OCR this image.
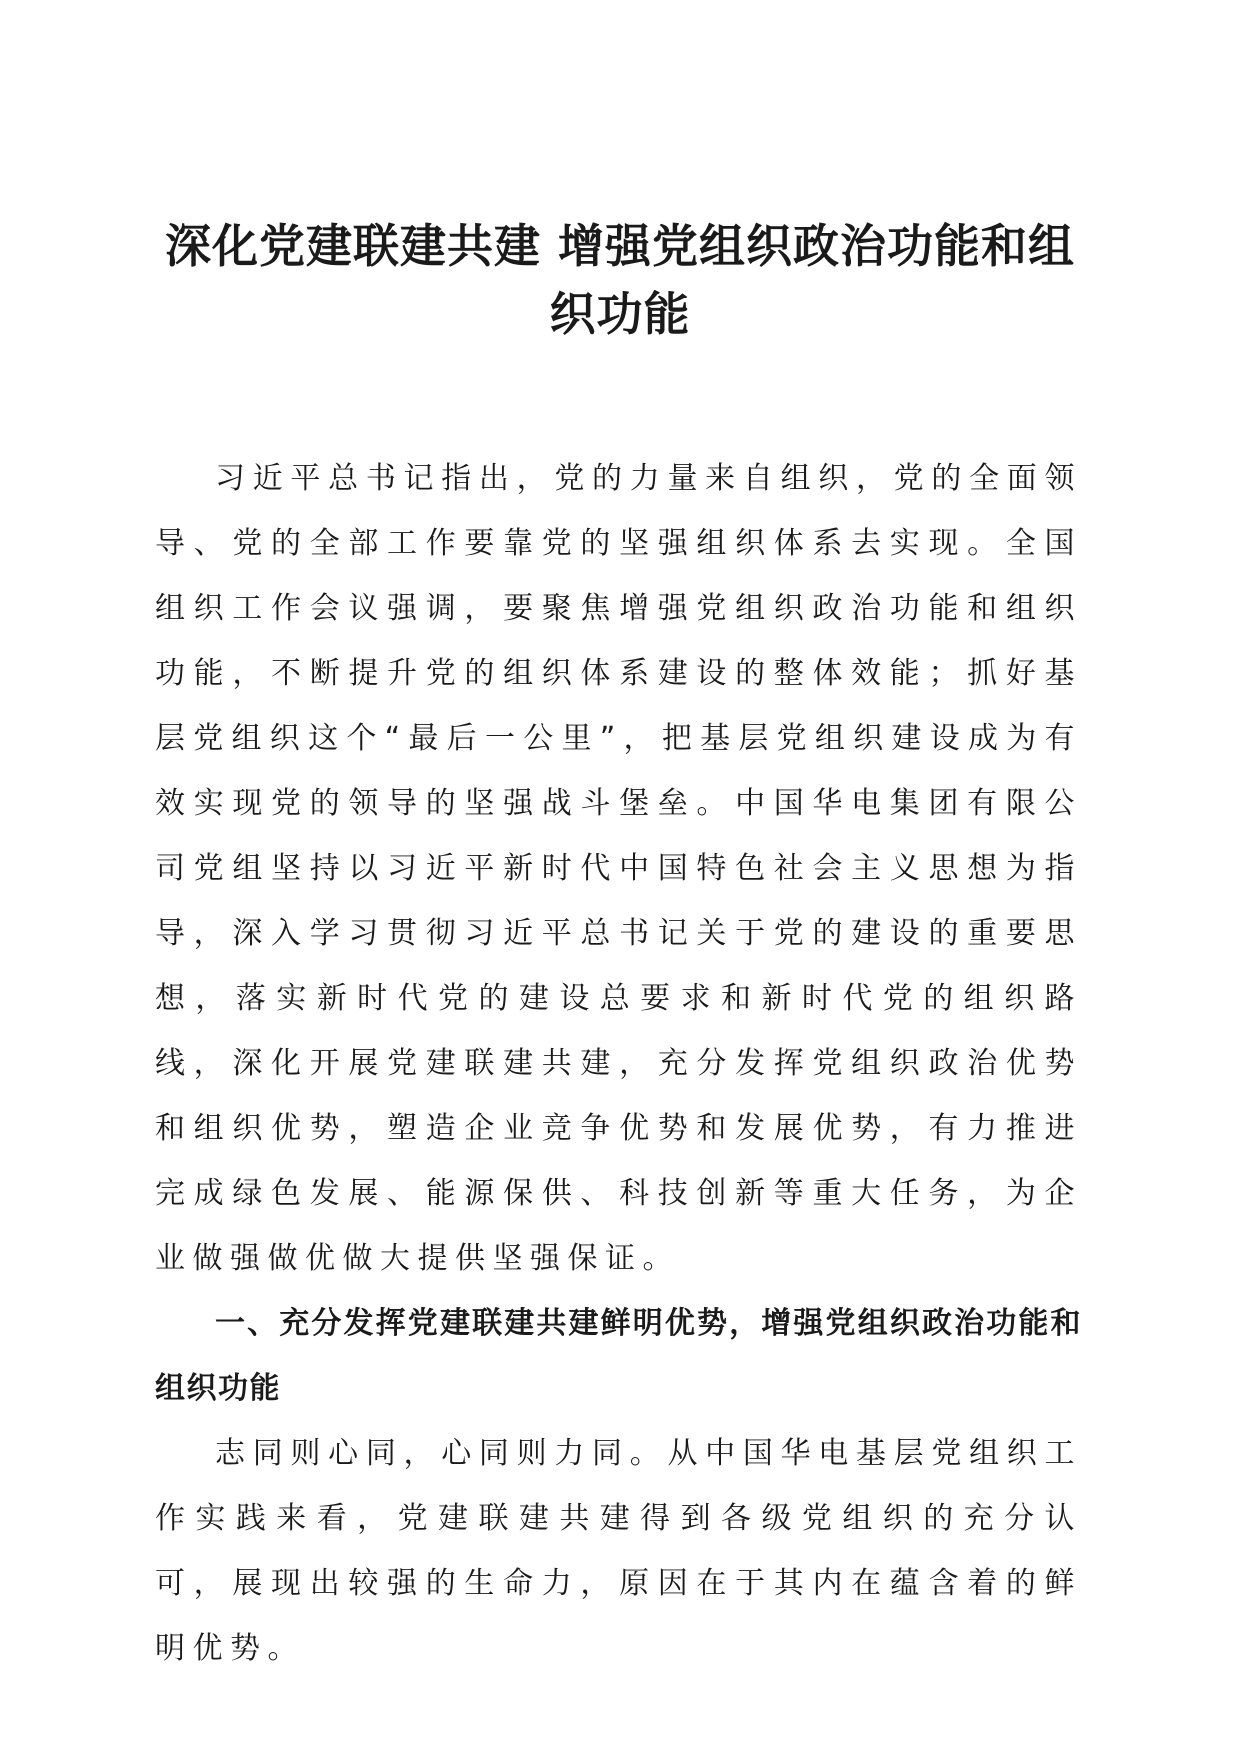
深化党建联建共建 增强党组织政治功能和组织功能

习近平总书记指出，党的力量来自组织，党的全面领导、党的全部工作要靠党的坚强组织体系去实现。全国组织工作会议强调，要聚焦增强党组织政治功能和组织功能，不断提升党的组织体系建设的整体效能；抓好基层党组织这个“最后一公里”，把基层党组织建设成为有效实现党的领导的坚强战斗堡垒。中国华电集团有限公司党组坚持以习近平新时代中国特色社会主义思想为指导，深入学习贯彻习近平总书记关于党的建设的重要思想，落实新时代党的建设总要求和新时代党的组织路线，深化开展党建联建共建，充分发挥党组织政治优势和组织优势，塑造企业竞争优势和发展优势，有力推进完成绿色发展、能源保供、科技创新等重大任务，为企业做强做优做大提供坚强保证。

一、充分发挥党建联建共建鲜明优势，增强党组织政治功能和组织功能

志同则心同，心同则力同。从中国华电基层党组织工作实践来看，党建联建共建得到各级党组织的充分认可，展现出较强的生命力，原因在于其内在蕴含着的鲜明优势。
